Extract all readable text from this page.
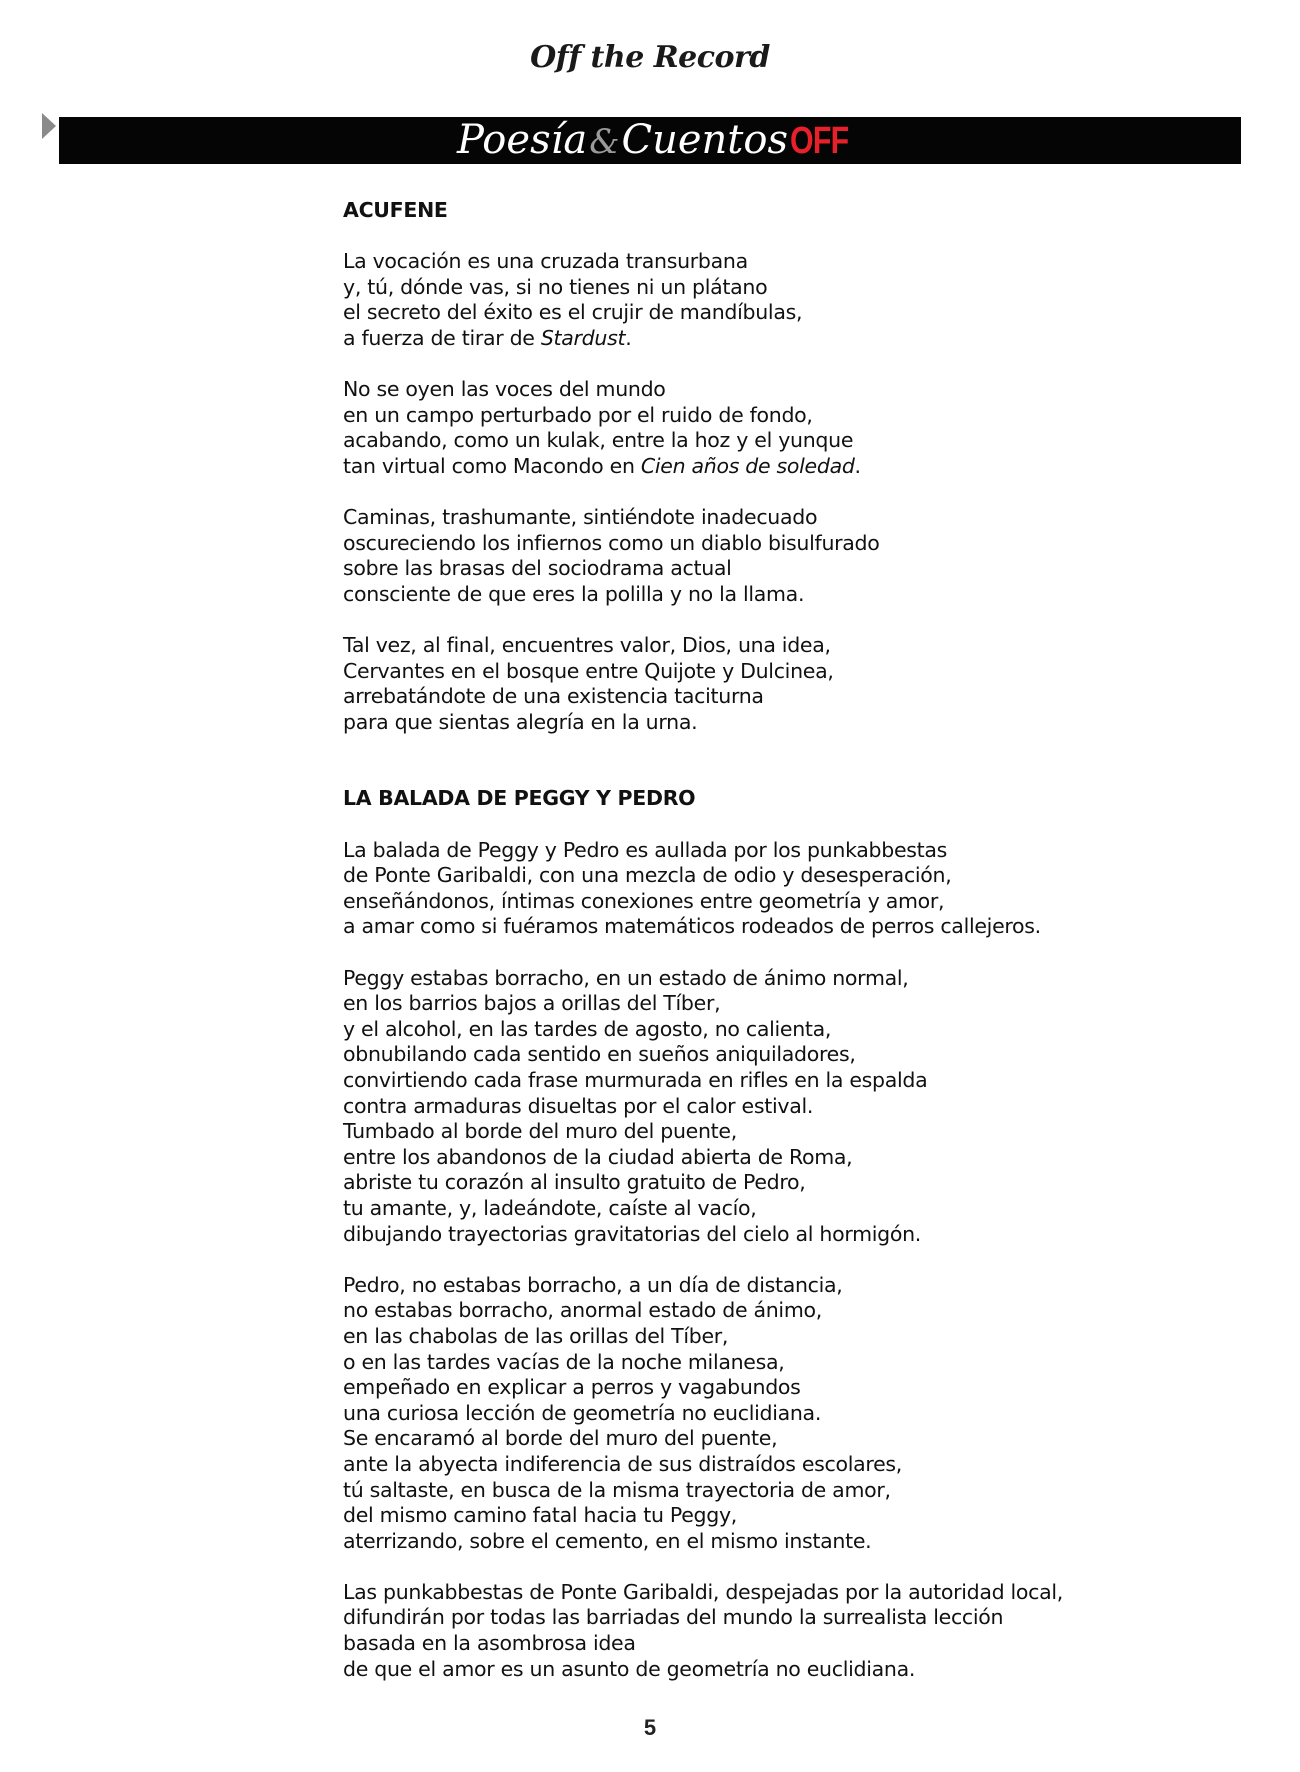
Off the Record
Poesía&CuentosOFF
ACUFENE
La vocación es una cruzada transurbana
y, tú, dónde vas, si no tienes ni un plátano
el secreto del éxito es el crujir de mandíbulas,
a fuerza de tirar de Stardust.
No se oyen las voces del mundo
en un campo perturbado por el ruido de fondo,
acabando, como un kulak, entre la hoz y el yunque
tan virtual como Macondo en Cien años de soledad.
Caminas, trashumante, sintiéndote inadecuado
oscureciendo los infiernos como un diablo bisulfurado
sobre las brasas del sociodrama actual
consciente de que eres la polilla y no la llama.
Tal vez, al final, encuentres valor, Dios, una idea,
Cervantes en el bosque entre Quijote y Dulcinea,
arrebatándote de una existencia taciturna
para que sientas alegría en la urna.
LA BALADA DE PEGGY Y PEDRO
La balada de Peggy y Pedro es aullada por los punkabbestas
de Ponte Garibaldi, con una mezcla de odio y desesperación,
enseñándonos, íntimas conexiones entre geometría y amor,
a amar como si fuéramos matemáticos rodeados de perros callejeros.
Peggy estabas borracho, en un estado de ánimo normal,
en los barrios bajos a orillas del Tíber,
y el alcohol, en las tardes de agosto, no calienta,
obnubilando cada sentido en sueños aniquiladores,
convirtiendo cada frase murmurada en rifles en la espalda
contra armaduras disueltas por el calor estival.
Tumbado al borde del muro del puente,
entre los abandonos de la ciudad abierta de Roma,
abriste tu corazón al insulto gratuito de Pedro,
tu amante, y, ladeándote, caíste al vacío,
dibujando trayectorias gravitatorias del cielo al hormigón.
Pedro, no estabas borracho, a un día de distancia,
no estabas borracho, anormal estado de ánimo,
en las chabolas de las orillas del Tíber,
o en las tardes vacías de la noche milanesa,
empeñado en explicar a perros y vagabundos
una curiosa lección de geometría no euclidiana.
Se encaramó al borde del muro del puente,
ante la abyecta indiferencia de sus distraídos escolares,
tú saltaste, en busca de la misma trayectoria de amor,
del mismo camino fatal hacia tu Peggy,
aterrizando, sobre el cemento, en el mismo instante.
Las punkabbestas de Ponte Garibaldi, despejadas por la autoridad local,
difundirán por todas las barriadas del mundo la surrealista lección
basada en la asombrosa idea
de que el amor es un asunto de geometría no euclidiana.
5
